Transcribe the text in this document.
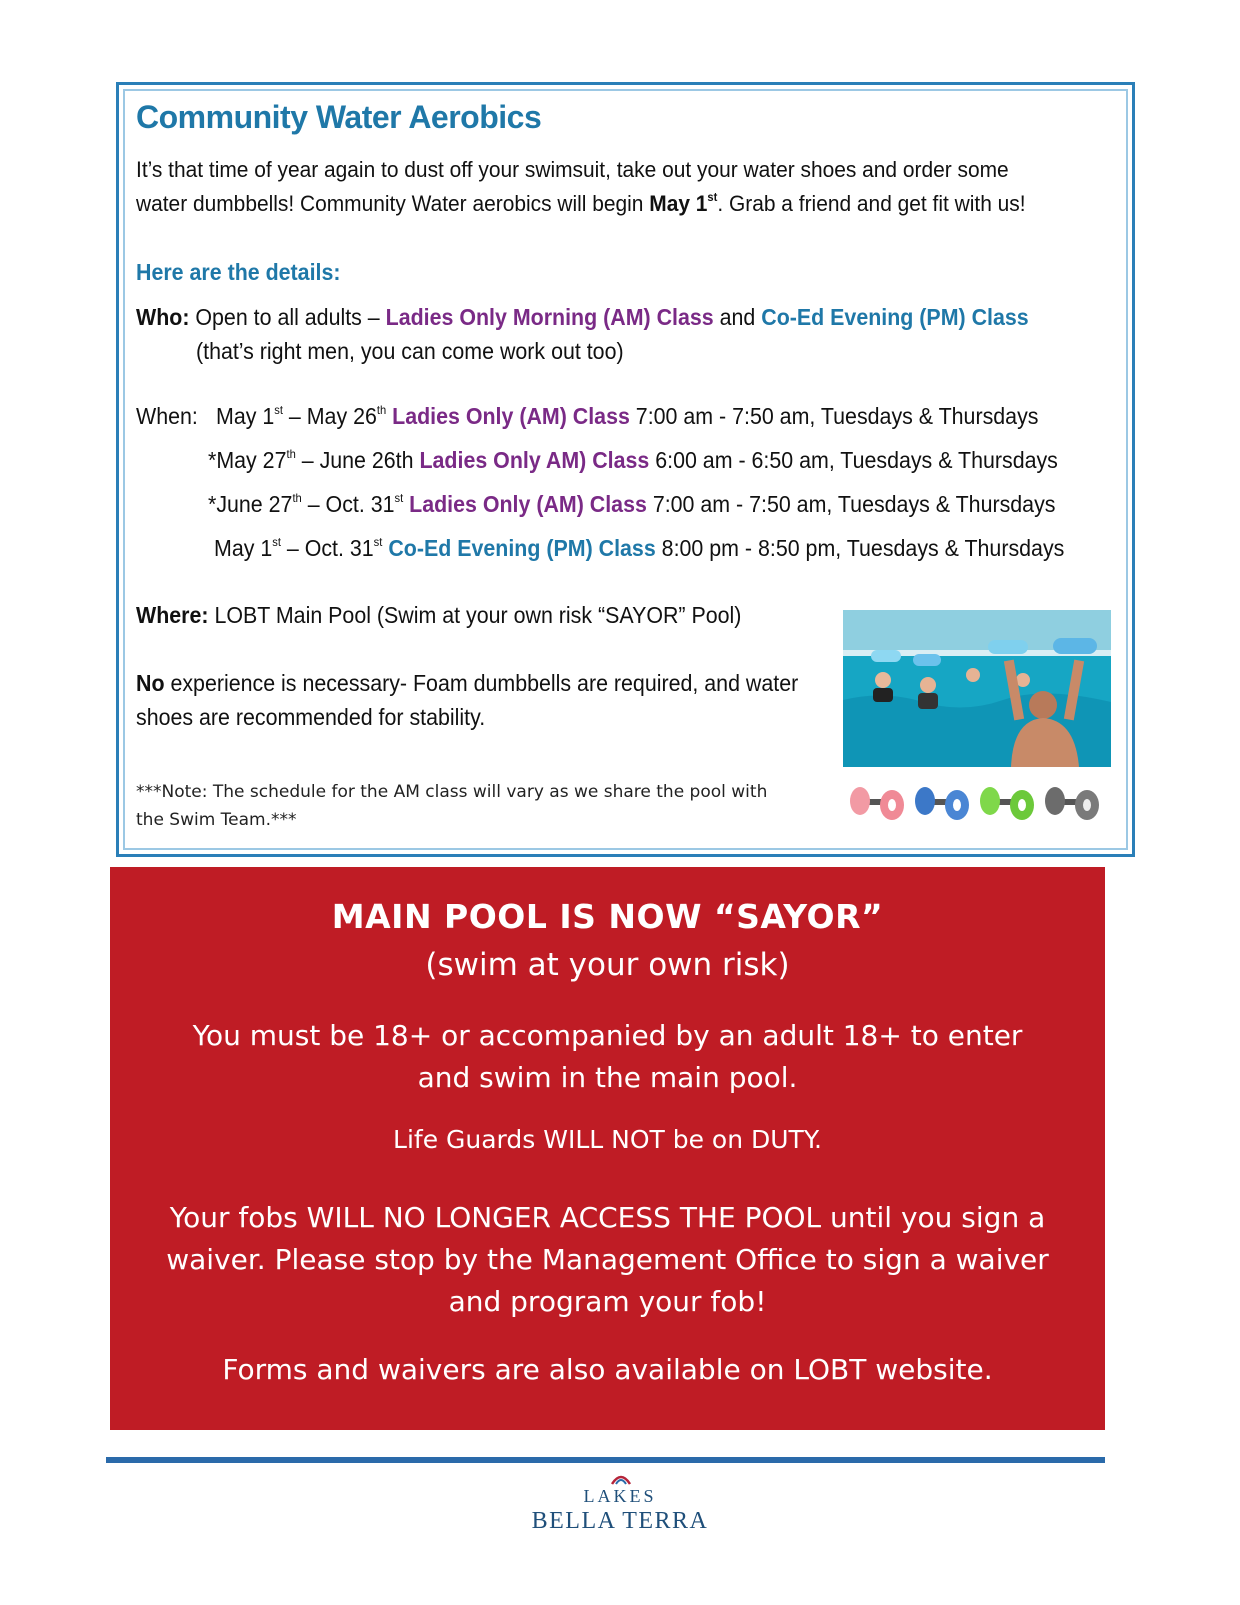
Community Water Aerobics
It’s that time of year again to dust off your swimsuit, take out your water shoes and order some
water dumbbells! Community Water aerobics will begin May 1st. Grab a friend and get fit with us!
Here are the details:
Who: Open to all adults – Ladies Only Morning (AM) Class and Co-Ed Evening (PM) Class
(that’s right men, you can come work out too)
When: May 1st – May 26th Ladies Only (AM) Class 7:00 am - 7:50 am, Tuesdays & Thursdays
*May 27th – June 26th Ladies Only AM) Class 6:00 am - 6:50 am, Tuesdays & Thursdays
*June 27th – Oct. 31st Ladies Only (AM) Class 7:00 am - 7:50 am, Tuesdays & Thursdays
May 1st – Oct. 31st Co-Ed Evening (PM) Class 8:00 pm - 8:50 pm, Tuesdays & Thursdays
Where: LOBT Main Pool (Swim at your own risk “SAYOR” Pool)
No experience is necessary- Foam dumbbells are required, and water
shoes are recommended for stability.
***Note: The schedule for the AM class will vary as we share the pool with
the Swim Team.***
MAIN POOL IS NOW “SAYOR”
(swim at your own risk)
You must be 18+ or accompanied by an adult 18+ to enter and swim in the main pool.
Life Guards WILL NOT be on DUTY.
Your fobs WILL NO LONGER ACCESS THE POOL until you sign a waiver. Please stop by the Management Office to sign a waiver and program your fob!
Forms and waivers are also available on LOBT website.
LAKES
BELLA TERRA
